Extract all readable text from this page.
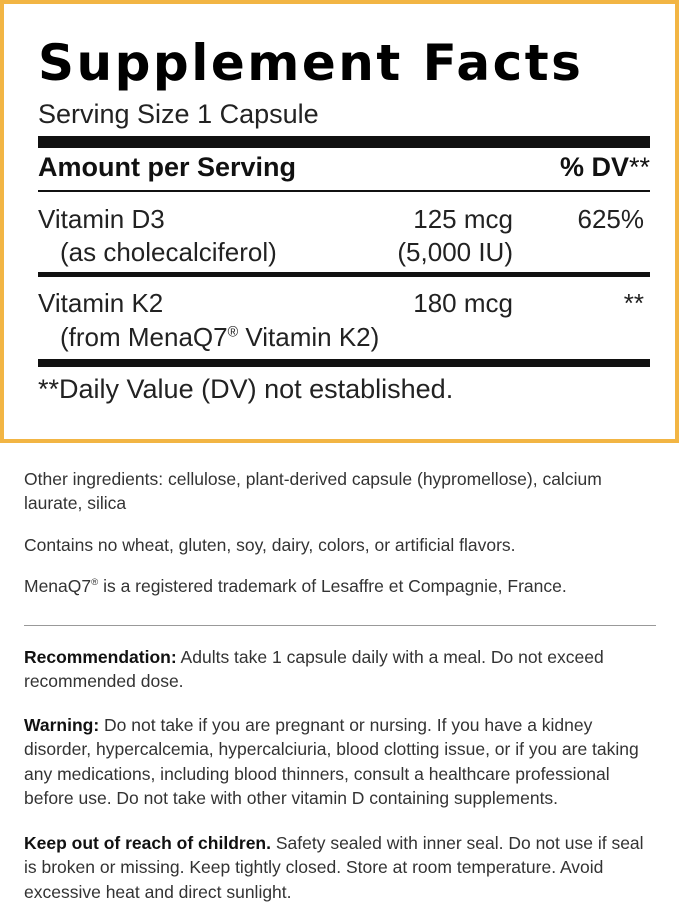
Supplement Facts
Serving Size 1 Capsule
Amount per Serving	% DV**
Vitamin D3
(as cholecalciferol)
125 mcg
(5,000 IU)
625%
Vitamin K2
(from MenaQ7® Vitamin K2)
180 mcg	**
**Daily Value (DV) not established.
Other ingredients: cellulose, plant-derived capsule (hypromellose), calcium laurate, silica
Contains no wheat, gluten, soy, dairy, colors, or artificial flavors.
MenaQ7® is a registered trademark of Lesaffre et Compagnie, France.
Recommendation: Adults take 1 capsule daily with a meal. Do not exceed recommended dose.
Warning: Do not take if you are pregnant or nursing. If you have a kidney disorder, hypercalcemia, hypercalciuria, blood clotting issue, or if you are taking any medications, including blood thinners, consult a healthcare professional before use. Do not take with other vitamin D containing supplements.
Keep out of reach of children. Safety sealed with inner seal. Do not use if seal is broken or missing. Keep tightly closed. Store at room temperature. Avoid excessive heat and direct sunlight.
